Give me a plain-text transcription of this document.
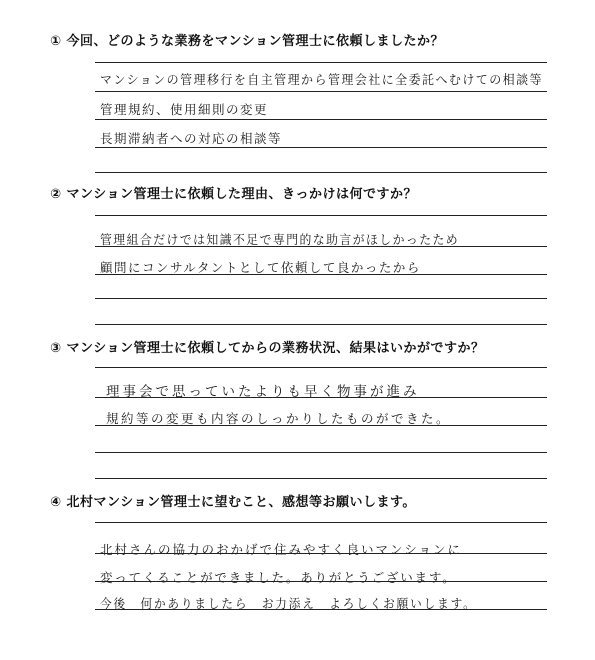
① 今回、どのような業務をマンション管理士に依頼しましたか？
マンションの管理移行を自主管理から管理会社に全委託へむけての相談等
管理規約、使用細則の変更
長期滞納者への対応の相談等
② マンション管理士に依頼した理由、きっかけは何ですか？
管理組合だけでは知識不足で専門的な助言がほしかったため
顧問にコンサルタントとして依頼して良かったから
③ マンション管理士に依頼してからの業務状況、結果はいかがですか？
理事会で思っていたよりも早く物事が進み
規約等の変更も内容のしっかりしたものができた。
④ 北村マンション管理士に望むこと、感想等お願いします。
北村さんの協力のおかげで住みやすく良いマンションに
変ってくることができました。ありがとうございます。
今後　何かありましたら　お力添え　よろしくお願いします。
